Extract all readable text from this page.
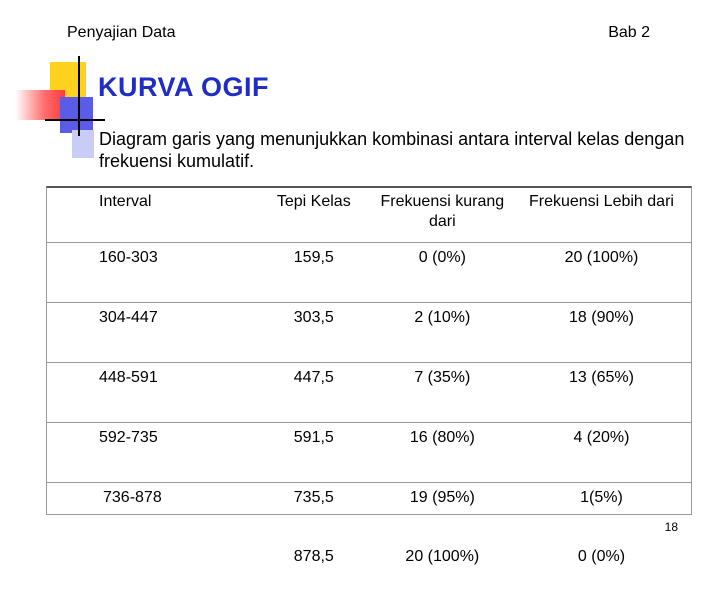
Penyajian Data	Bab 2
KURVA OGIF
Diagram garis yang menunjukkan kombinasi antara interval kelas dengan frekuensi kumulatif.
Interval	Tepi Kelas	Frekuensi kurang dari	Frekuensi Lebih dari
160-303	159,5	0 (0%)	20 (100%)
304-447	303,5	2 (10%)	18 (90%)
448-591	447,5	7 (35%)	13 (65%)
592-735	591,5	16 (80%)	4 (20%)
736-878	735,5	19 (95%)	1(5%)
	878,5	20 (100%)	0 (0%)
18
